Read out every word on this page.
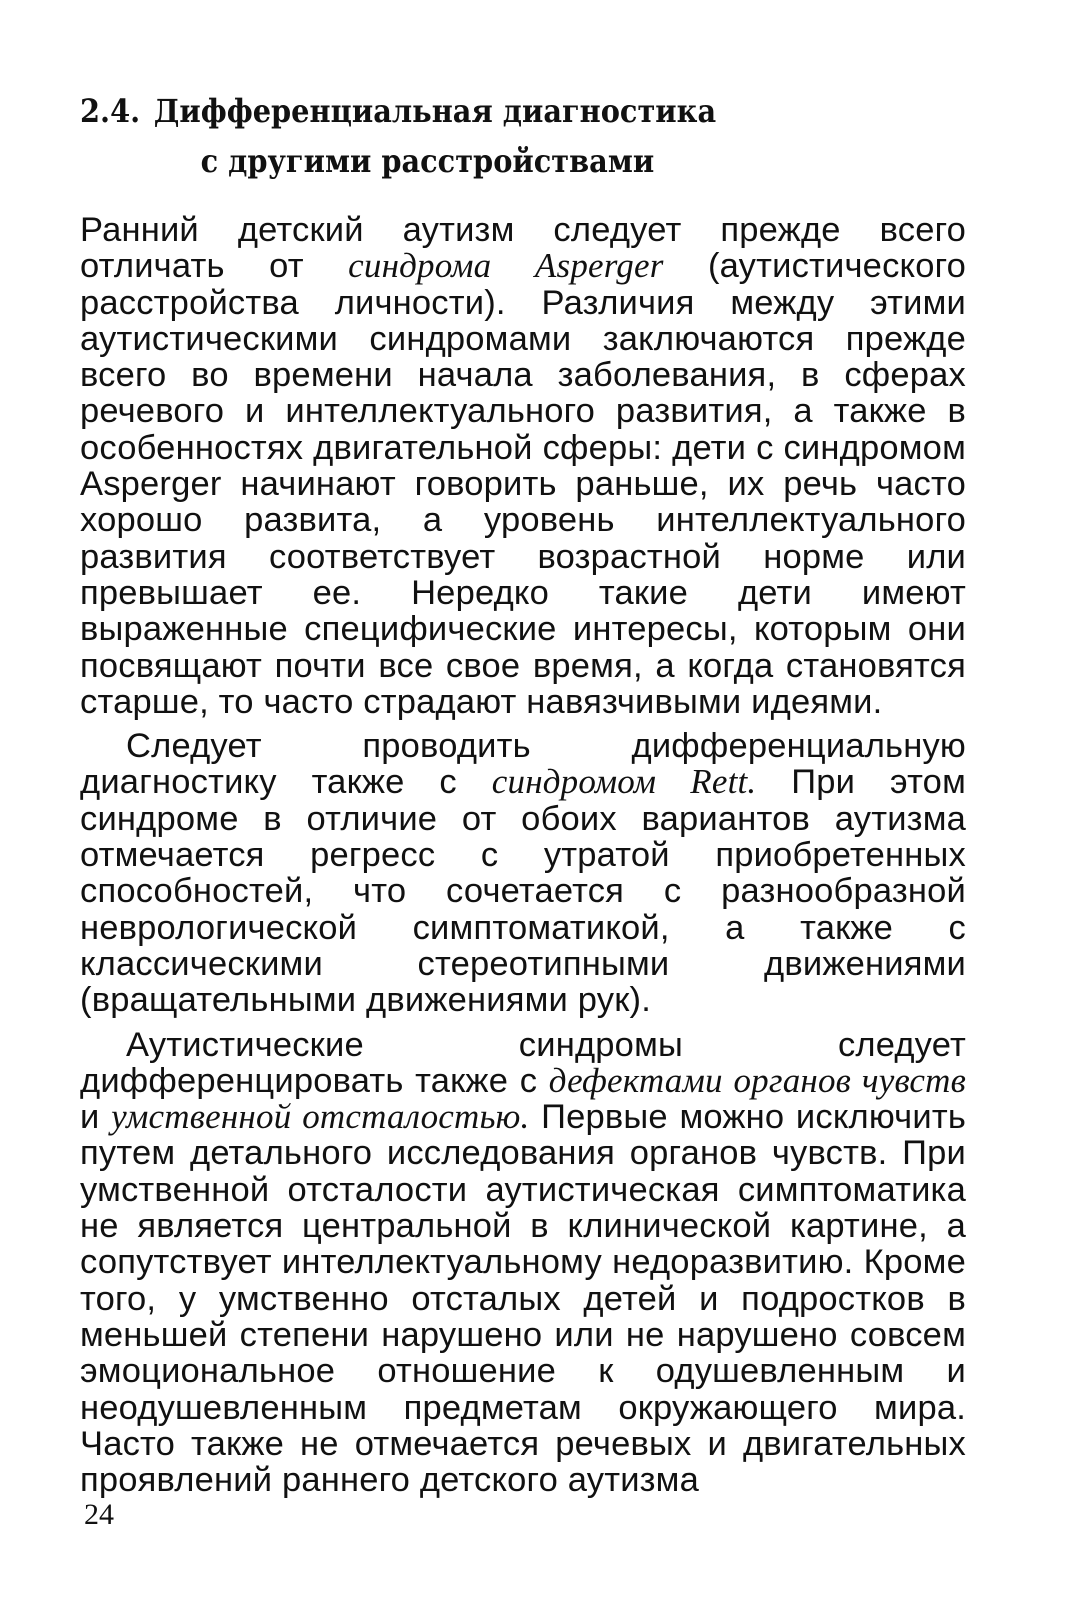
2.4. Дифференциальная диагностика
с другими расстройствами

Ранний детский аутизм следует прежде всего отличать от синдрома Asperger (аутистического расстройства личности). Различия между этими аутистическими синдромами заключаются прежде всего во времени начала заболевания, в сферах речевого и интеллектуального развития, а также в особенностях двигательной сферы: дети с синдромом Asperger начинают говорить раньше, их речь часто хорошо развита, а уровень интеллектуального развития соответствует возрастной норме или превышает ее. Нередко такие дети имеют выраженные специфические интересы, которым они посвящают почти все свое время, а когда становятся старше, то часто страдают навязчивыми идеями.

Следует проводить дифференциальную диагностику также с синдромом Rett. При этом синдроме в отличие от обоих вариантов аутизма отмечается регресс с утратой приобретенных способностей, что сочетается с разнообразной неврологической симптоматикой, а также с классическими стереотипными движениями (вращательными движениями рук).

Аутистические синдромы следует дифференцировать также с дефектами органов чувств и умственной отсталостью. Первые можно исключить путем детального исследования органов чувств. При умственной отсталости аутистическая симптоматика не является центральной в клинической картине, а сопутствует интеллектуальному недоразвитию. Кроме того, у умственно отсталых детей и подростков в меньшей степени нарушено или не нарушено совсем эмоциональное отношение к одушевленным и неодушевленным предметам окружающего мира. Часто также не отмечается речевых и двигательных проявлений раннего детского аутизма

24
